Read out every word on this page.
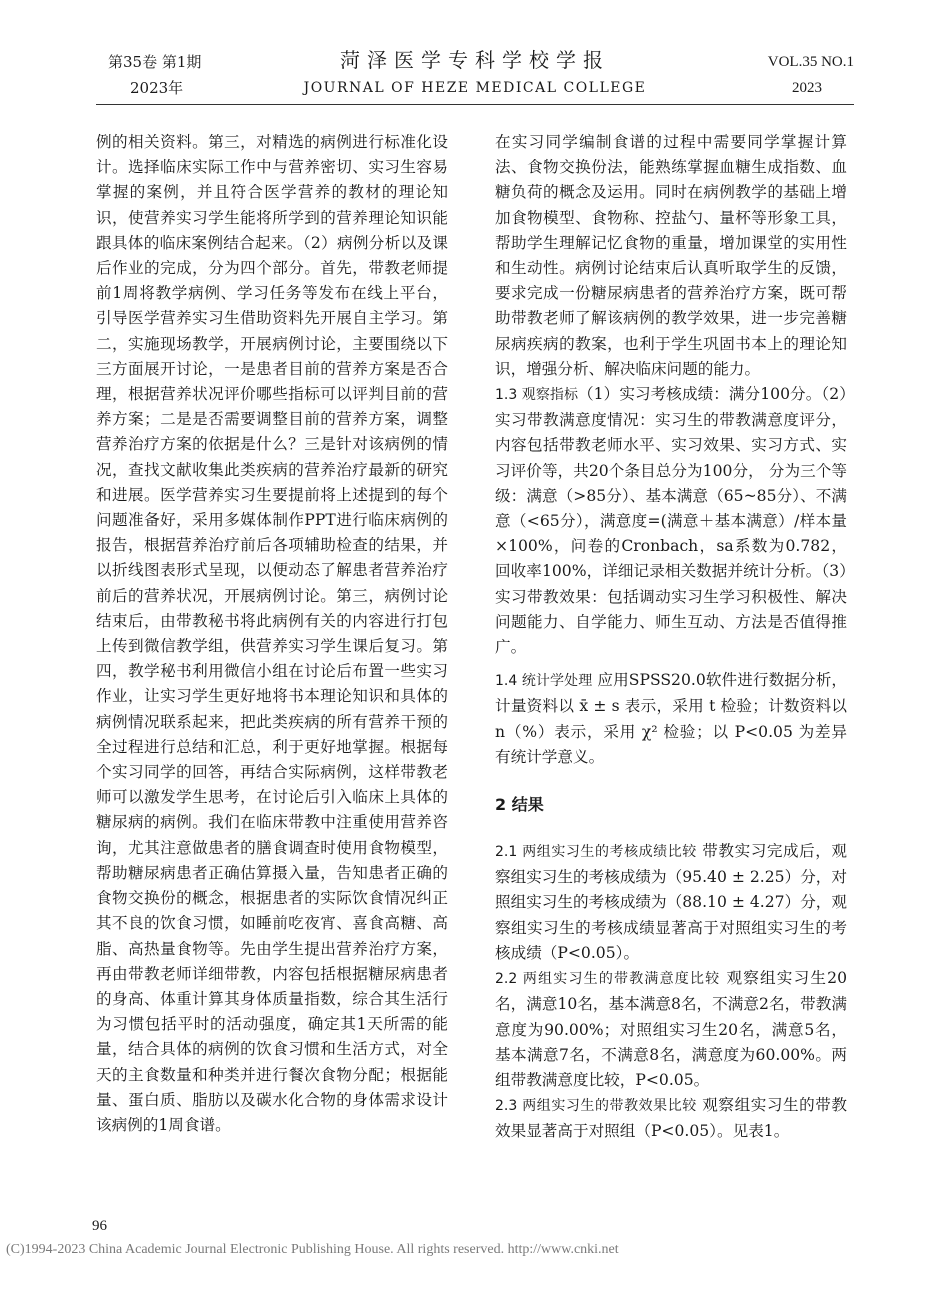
第35卷 第1期
2023年
菏泽医学专科学校学报
JOURNAL OF HEZE MEDICAL COLLEGE
VOL.35 NO.1
2023

例的相关资料。第三，对精选的病例进行标准化设计。选择临床实际工作中与营养密切、实习生容易掌握的案例，并且符合医学营养的教材的理论知识，使营养实习学生能将所学到的营养理论知识能跟具体的临床案例结合起来。（2）病例分析以及课后作业的完成，分为四个部分。首先，带教老师提前1周将教学病例、学习任务等发布在线上平台，引导医学营养实习生借助资料先开展自主学习。第二，实施现场教学，开展病例讨论，主要围绕以下三方面展开讨论，一是患者目前的营养方案是否合理，根据营养状况评价哪些指标可以评判目前的营养方案；二是是否需要调整目前的营养方案，调整营养治疗方案的依据是什么？三是针对该病例的情况，查找文献收集此类疾病的营养治疗最新的研究和进展。医学营养实习生要提前将上述提到的每个问题准备好，采用多媒体制作PPT进行临床病例的报告，根据营养治疗前后各项辅助检查的结果，并以折线图表形式呈现，以便动态了解患者营养治疗前后的营养状况，开展病例讨论。第三，病例讨论结束后，由带教秘书将此病例有关的内容进行打包上传到微信教学组，供营养实习学生课后复习。第四，教学秘书利用微信小组在讨论后布置一些实习作业，让实习学生更好地将书本理论知识和具体的病例情况联系起来，把此类疾病的所有营养干预的全过程进行总结和汇总，利于更好地掌握。根据每个实习同学的回答，再结合实际病例，这样带教老师可以激发学生思考，在讨论后引入临床上具体的糖尿病的病例。我们在临床带教中注重使用营养咨询，尤其注意做患者的膳食调查时使用食物模型，帮助糖尿病患者正确估算摄入量，告知患者正确的食物交换份的概念，根据患者的实际饮食情况纠正其不良的饮食习惯，如睡前吃夜宵、喜食高糖、高脂、高热量食物等。先由学生提出营养治疗方案，再由带教老师详细带教，内容包括根据糖尿病患者的身高、体重计算其身体质量指数，综合其生活行为习惯包括平时的活动强度，确定其1天所需的能量，结合具体的病例的饮食习惯和生活方式，对全天的主食数量和种类并进行餐次食物分配；根据能量、蛋白质、脂肪以及碳水化合物的身体需求设计该病例的1周食谱。

在实习同学编制食谱的过程中需要同学掌握计算法、食物交换份法，能熟练掌握血糖生成指数、血糖负荷的概念及运用。同时在病例教学的基础上增加食物模型、食物称、控盐勺、量杯等形象工具，帮助学生理解记忆食物的重量，增加课堂的实用性和生动性。病例讨论结束后认真听取学生的反馈，要求完成一份糖尿病患者的营养治疗方案，既可帮助带教老师了解该病例的教学效果，进一步完善糖尿病疾病的教案，也利于学生巩固书本上的理论知识，增强分析、解决临床问题的能力。

1.3 观察指标（1）实习考核成绩：满分100分。（2）实习带教满意度情况：实习生的带教满意度评分，内容包括带教老师水平、实习效果、实习方式、实习评价等，共20个条目总分为100分， 分为三个等级：满意（>85分）、基本满意（65~85分）、不满意（<65分），满意度=(满意＋基本满意）/样本量 ×100%，问卷的Cronbach，sa系数为0.782，回收率100%，详细记录相关数据并统计分析。（3）实习带教效果：包括调动实习生学习积极性、解决问题能力、自学能力、师生互动、方法是否值得推广。

1.4 统计学处理 应用SPSS20.0软件进行数据分析，计量资料以 x̄ ± s 表示，采用 t 检验；计数资料以 n（%）表示，采用 χ² 检验；以 P<0.05 为差异有统计学意义。

2 结果

2.1 两组实习生的考核成绩比较 带教实习完成后，观察组实习生的考核成绩为（95.40 ± 2.25）分，对照组实习生的考核成绩为（88.10 ± 4.27）分，观察组实习生的考核成绩显著高于对照组实习生的考核成绩（P<0.05）。

2.2 两组实习生的带教满意度比较 观察组实习生20名，满意10名，基本满意8名，不满意2名，带教满意度为90.00%；对照组实习生20名，满意5名，基本满意7名，不满意8名，满意度为60.00%。两组带教满意度比较，P<0.05。

2.3 两组实习生的带教效果比较 观察组实习生的带教效果显著高于对照组（P<0.05）。见表1。

96
(C)1994-2023 China Academic Journal Electronic Publishing House. All rights reserved. http://www.cnki.net
